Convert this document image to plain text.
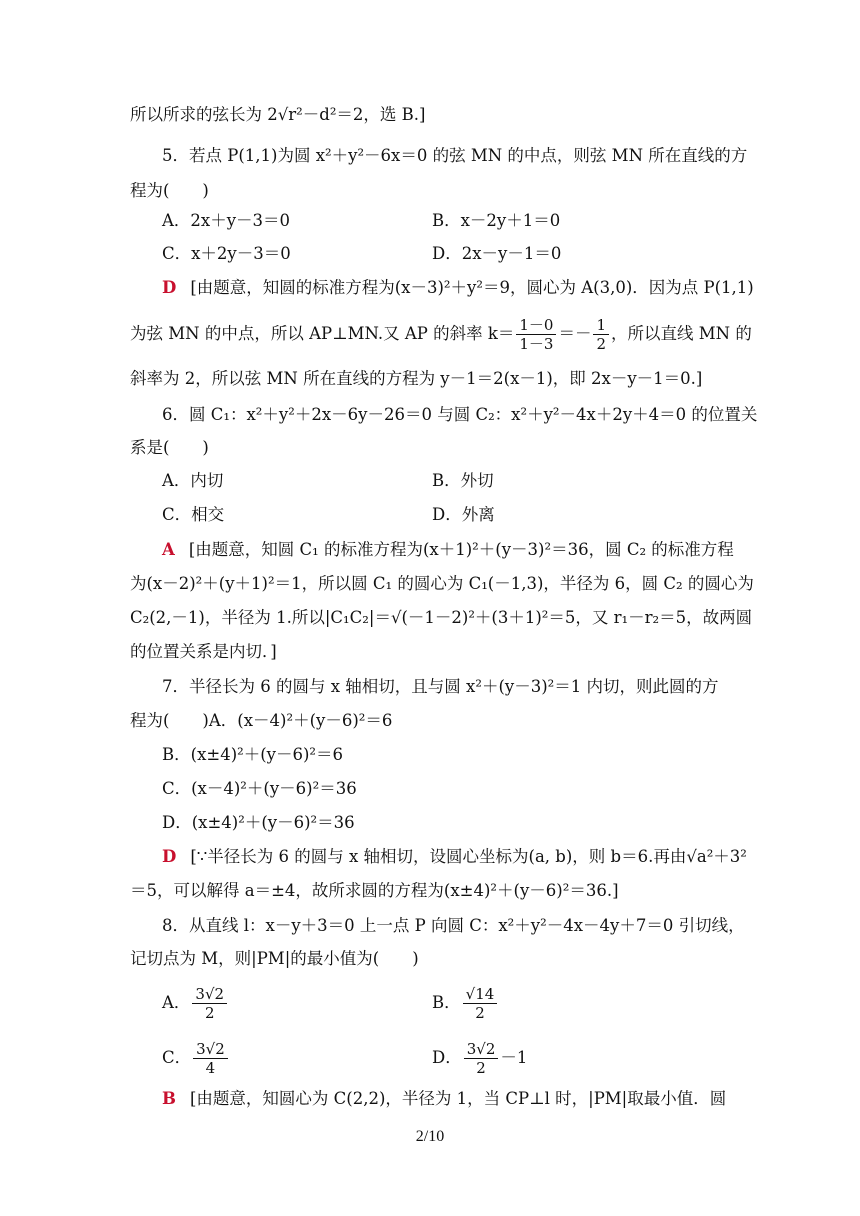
所以所求的弦长为 2√r²－d²＝2，选 B.]
5．若点 P(1,1)为圆 x²＋y²－6x＝0 的弦 MN 的中点，则弦 MN 所在直线的方
程为(　　)
A．2x＋y－3＝0	B．x－2y＋1＝0
C．x＋2y－3＝0	D．2x－y－1＝0
D [由题意，知圆的标准方程为(x－3)²＋y²＝9，圆心为 A(3,0)．因为点 P(1,1)
为弦 MN 的中点，所以 AP⊥MN.又 AP 的斜率 $k= \frac{1-0}{1-3} =- \frac{1}{2}$ ，所以直线 MN 的
斜率为 2，所以弦 MN 所在直线的方程为 y－1＝2(x－1)，即 2x－y－1＝0.]
6．圆 C₁：x²＋y²＋2x－6y－26＝0 与圆 C₂：x²＋y²－4x＋2y＋4＝0 的位置关
系是(　　)
A．内切	B．外切
C．相交	D．外离
A [由题意，知圆 C₁ 的标准方程为(x＋1)²＋(y－3)²＝36，圆 C₂ 的标准方程
为(x－2)²＋(y＋1)²＝1，所以圆 C₁ 的圆心为 C₁(－1,3)，半径为 6，圆 C₂ 的圆心为
C₂(2,－1)，半径为 1.所以|C₁C₂|＝√(－1－2)²＋(3＋1)²＝5，又 r₁－r₂＝5，故两圆
的位置关系是内切．]
7．半径长为 6 的圆与 x 轴相切，且与圆 x²＋(y－3)²＝1 内切，则此圆的方
程为(　　)A．(x－4)²＋(y－6)²＝6
B．(x±4)²＋(y－6)²＝6
C．(x－4)²＋(y－6)²＝36
D．(x±4)²＋(y－6)²＝36
D [∵半径长为 6 的圆与 x 轴相切，设圆心坐标为(a, b)，则 b＝6.再由√a²＋3²
＝5，可以解得 a＝±4，故所求圆的方程为(x±4)²＋(y－6)²＝36.]
8．从直线 l：x－y＋3＝0 上一点 P 向圆 C：x²＋y²－4x－4y＋7＝0 引切线，
记切点为 M，则|PM|的最小值为(　　)
A． $\frac{3√2}{2}$	B． $\frac{√14}{2}$
C． $\frac{3√2}{4}$	D． $\frac{3√2}{2} -1$
B [由题意，知圆心为 C(2,2)，半径为 1，当 CP⊥l 时，|PM|取最小值．圆
2/10
